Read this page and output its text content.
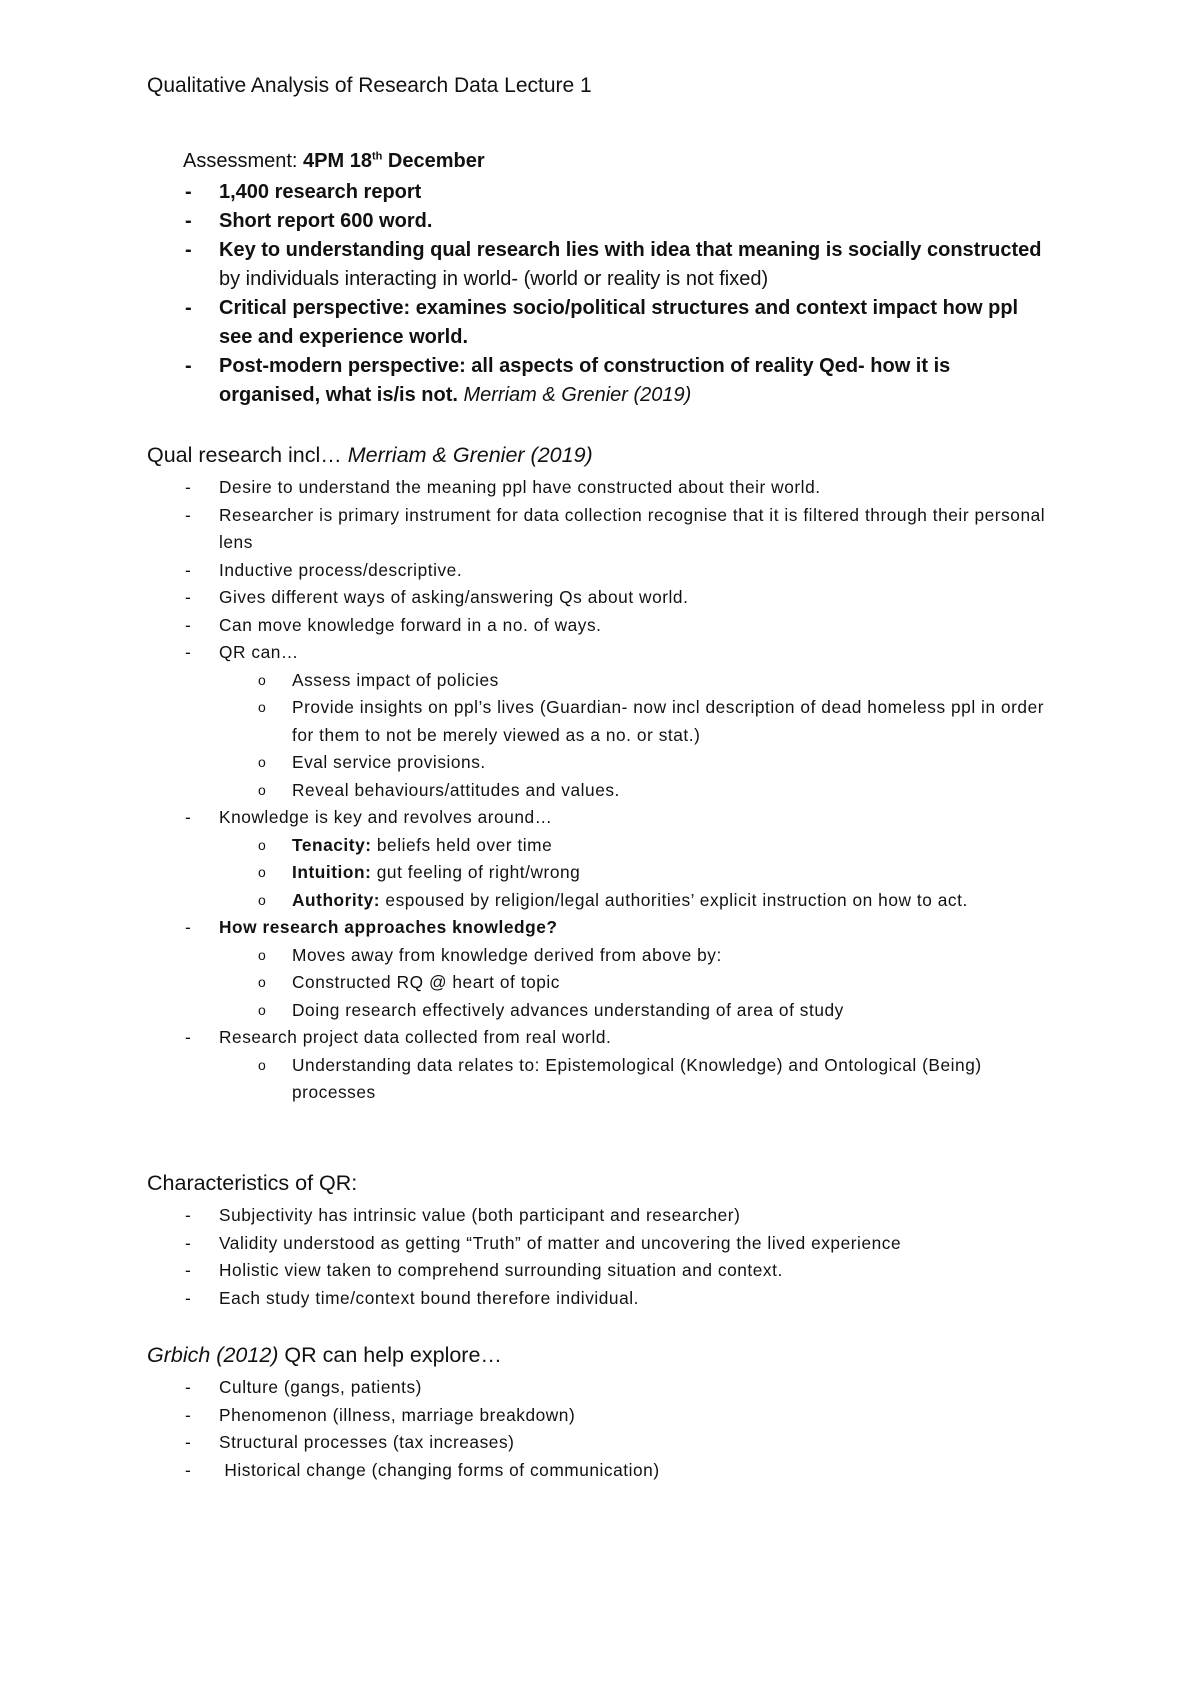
Qualitative Analysis of Research Data Lecture 1
Assessment: 4PM 18th December
- 1,400 research report
- Short report 600 word.
- Key to understanding qual research lies with idea that meaning is socially constructed by individuals interacting in world- (world or reality is not fixed)
- Critical perspective: examines socio/political structures and context impact how ppl see and experience world.
- Post-modern perspective: all aspects of construction of reality Qed- how it is organised, what is/is not. Merriam & Grenier (2019)
Qual research incl… Merriam & Grenier (2019)
- Desire to understand the meaning ppl have constructed about their world.
- Researcher is primary instrument for data collection recognise that it is filtered through their personal lens
- Inductive process/descriptive.
- Gives different ways of asking/answering Qs about world.
- Can move knowledge forward in a no. of ways.
- QR can…
o Assess impact of policies
o Provide insights on ppl’s lives (Guardian- now incl description of dead homeless ppl in order for them to not be merely viewed as a no. or stat.)
o Eval service provisions.
o Reveal behaviours/attitudes and values.
- Knowledge is key and revolves around…
o Tenacity: beliefs held over time
o Intuition: gut feeling of right/wrong
o Authority: espoused by religion/legal authorities’ explicit instruction on how to act.
- How research approaches knowledge?
o Moves away from knowledge derived from above by:
o Constructed RQ @ heart of topic
o Doing research effectively advances understanding of area of study
- Research project data collected from real world.
o Understanding data relates to: Epistemological (Knowledge) and Ontological (Being) processes
Characteristics of QR:
- Subjectivity has intrinsic value (both participant and researcher)
- Validity understood as getting “Truth” of matter and uncovering the lived experience
- Holistic view taken to comprehend surrounding situation and context.
- Each study time/context bound therefore individual.
Grbich (2012) QR can help explore…
- Culture (gangs, patients)
- Phenomenon (illness, marriage breakdown)
- Structural processes (tax increases)
- Historical change (changing forms of communication)
